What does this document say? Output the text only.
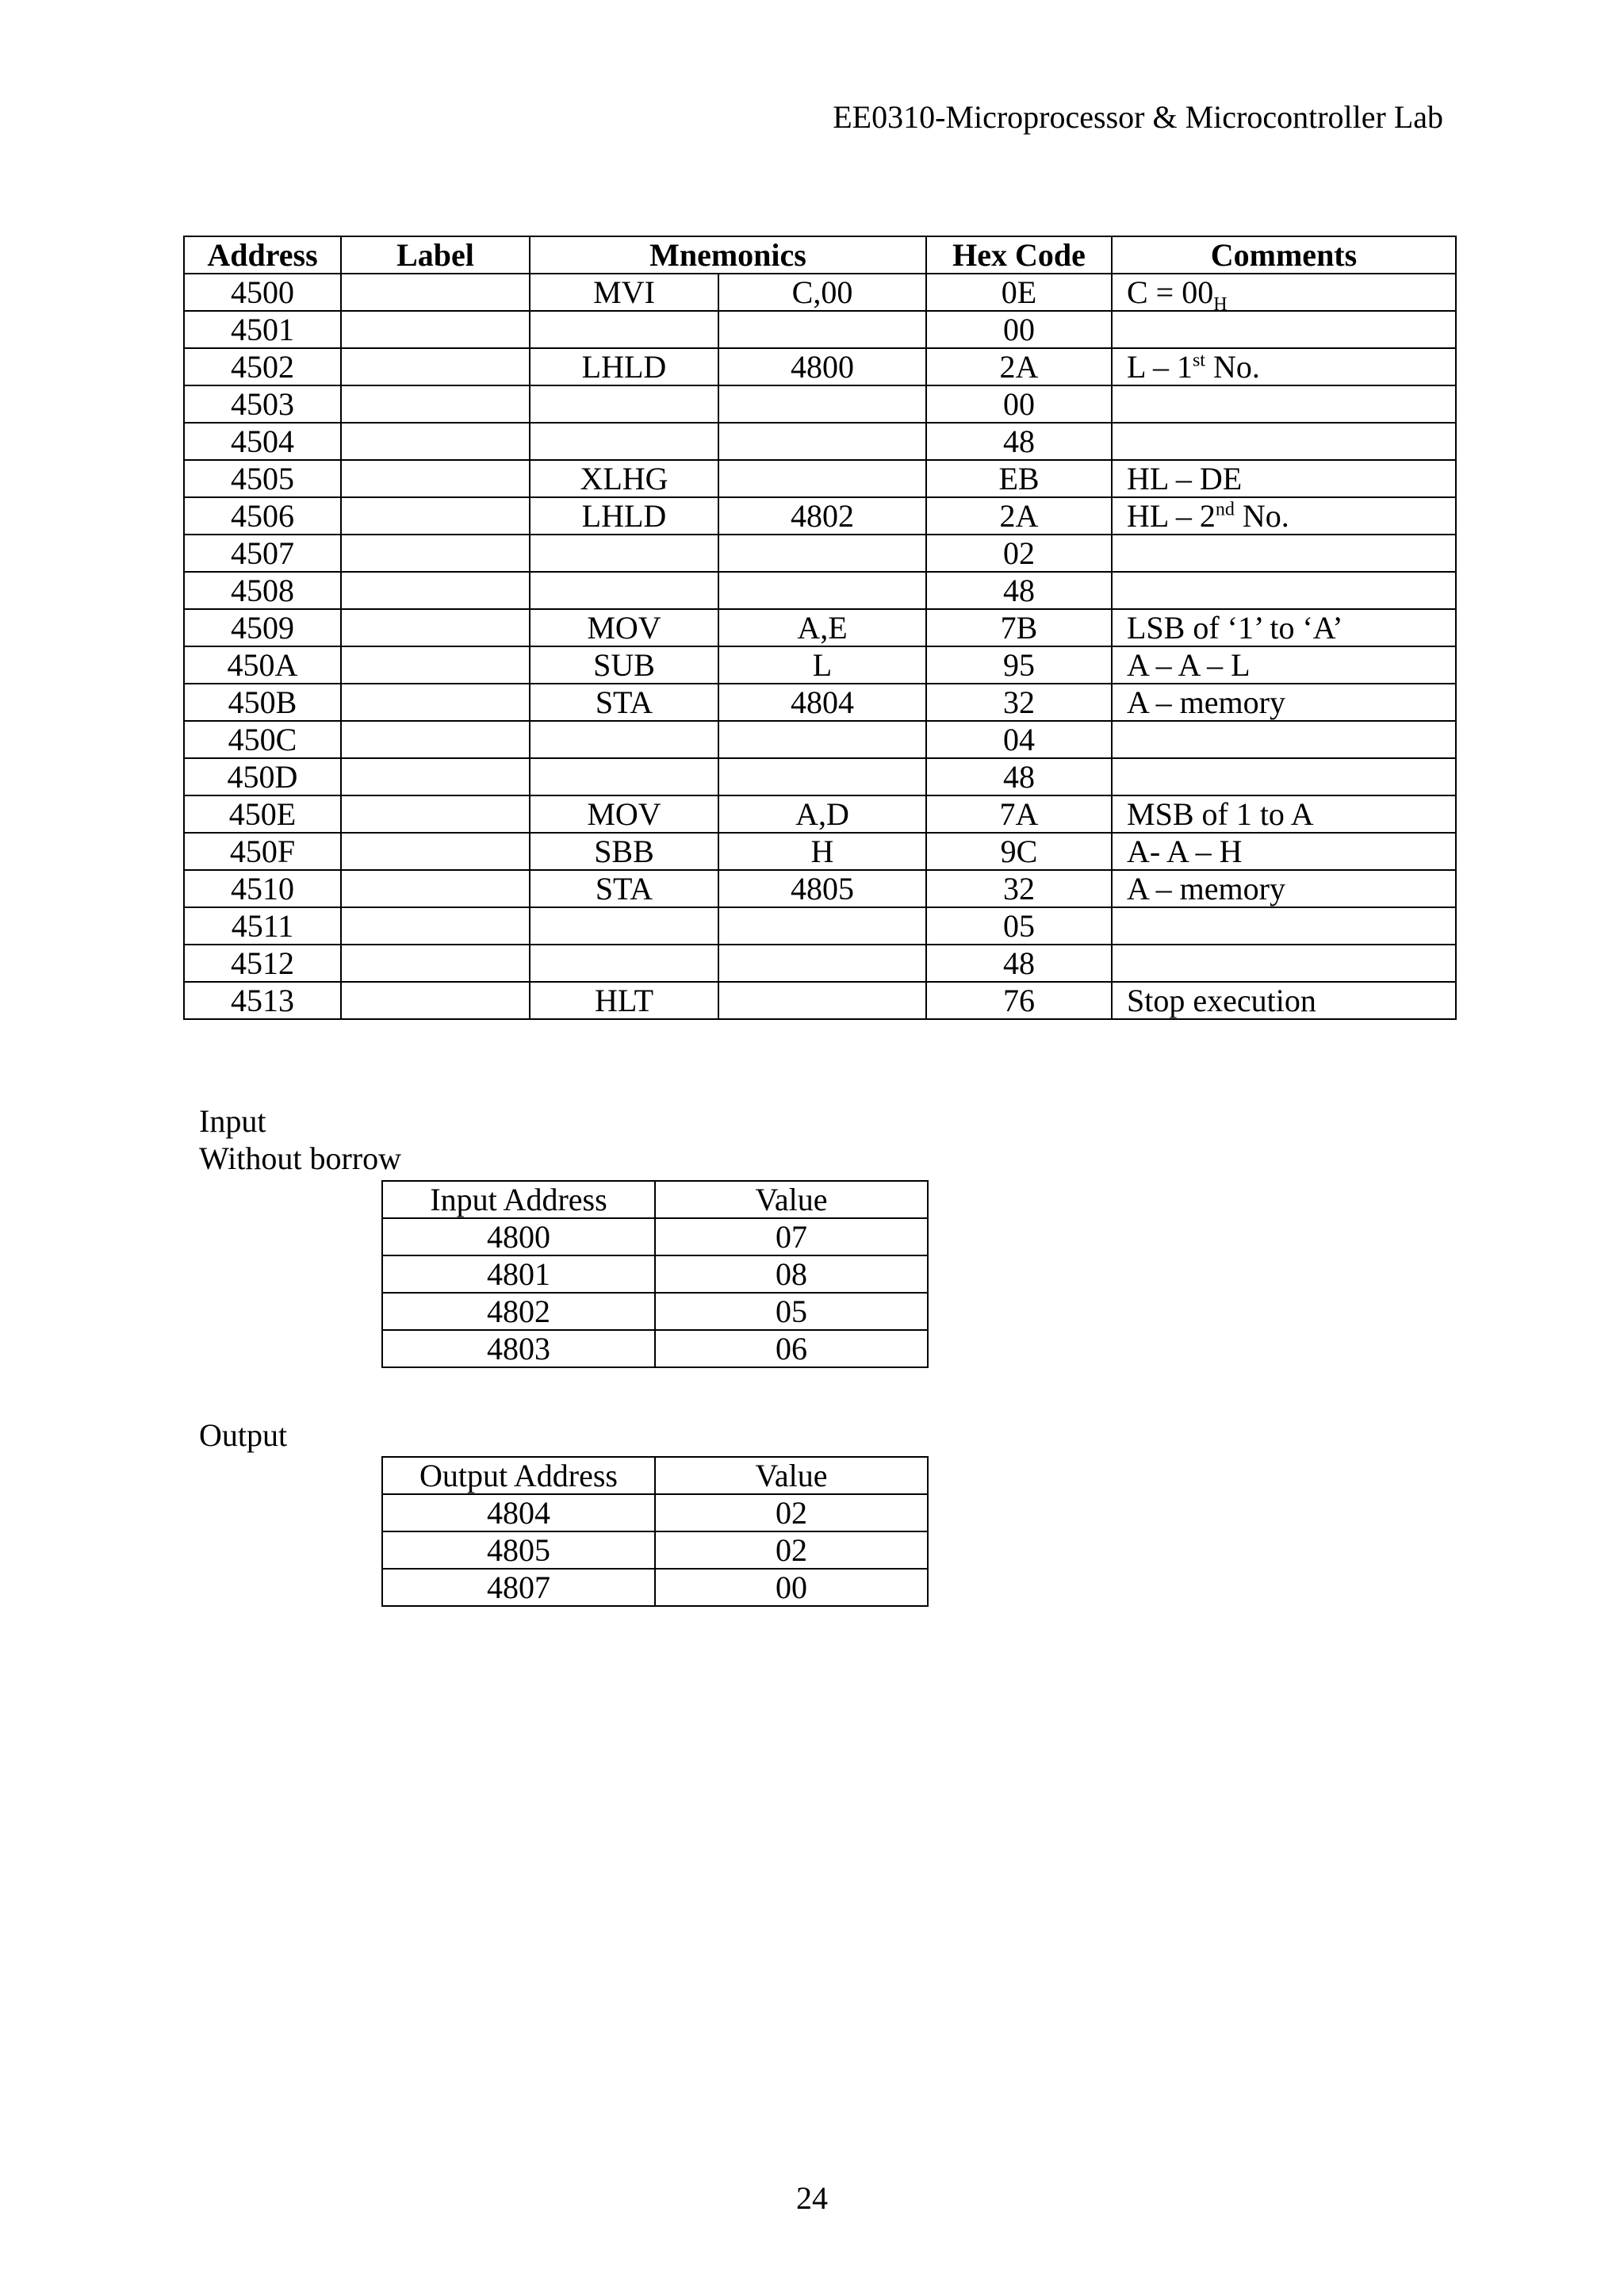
EE0310-Microprocessor & Microcontroller Lab
Address	Label	Mnemonics		Hex Code	Comments
4500		MVI	C,00	0E	$C = 00_H$
4501				00	
4502		LHLD	4800	2A	L – 1st No.
4503				00	
4504				48	
4505		XLHG		EB	HL – DE
4506		LHLD	4802	2A	HL – 2nd No.
4507				02	
4508				48	
4509		MOV	A,E	7B	LSB of ‘1’ to ‘A’
450A		SUB	L	95	A – A – L
450B		STA	4804	32	A – memory
450C				04	
450D				48	
450E		MOV	A,D	7A	MSB of 1 to A
450F		SBB	H	9C	A- A – H
4510		STA	4805	32	A – memory
4511				05	
4512				48	
4513		HLT		76	Stop execution
Input
Without borrow
Input Address	Value
4800	07
4801	08
4802	05
4803	06
Output
Output Address	Value
4804	02
4805	02
4807	00
24
